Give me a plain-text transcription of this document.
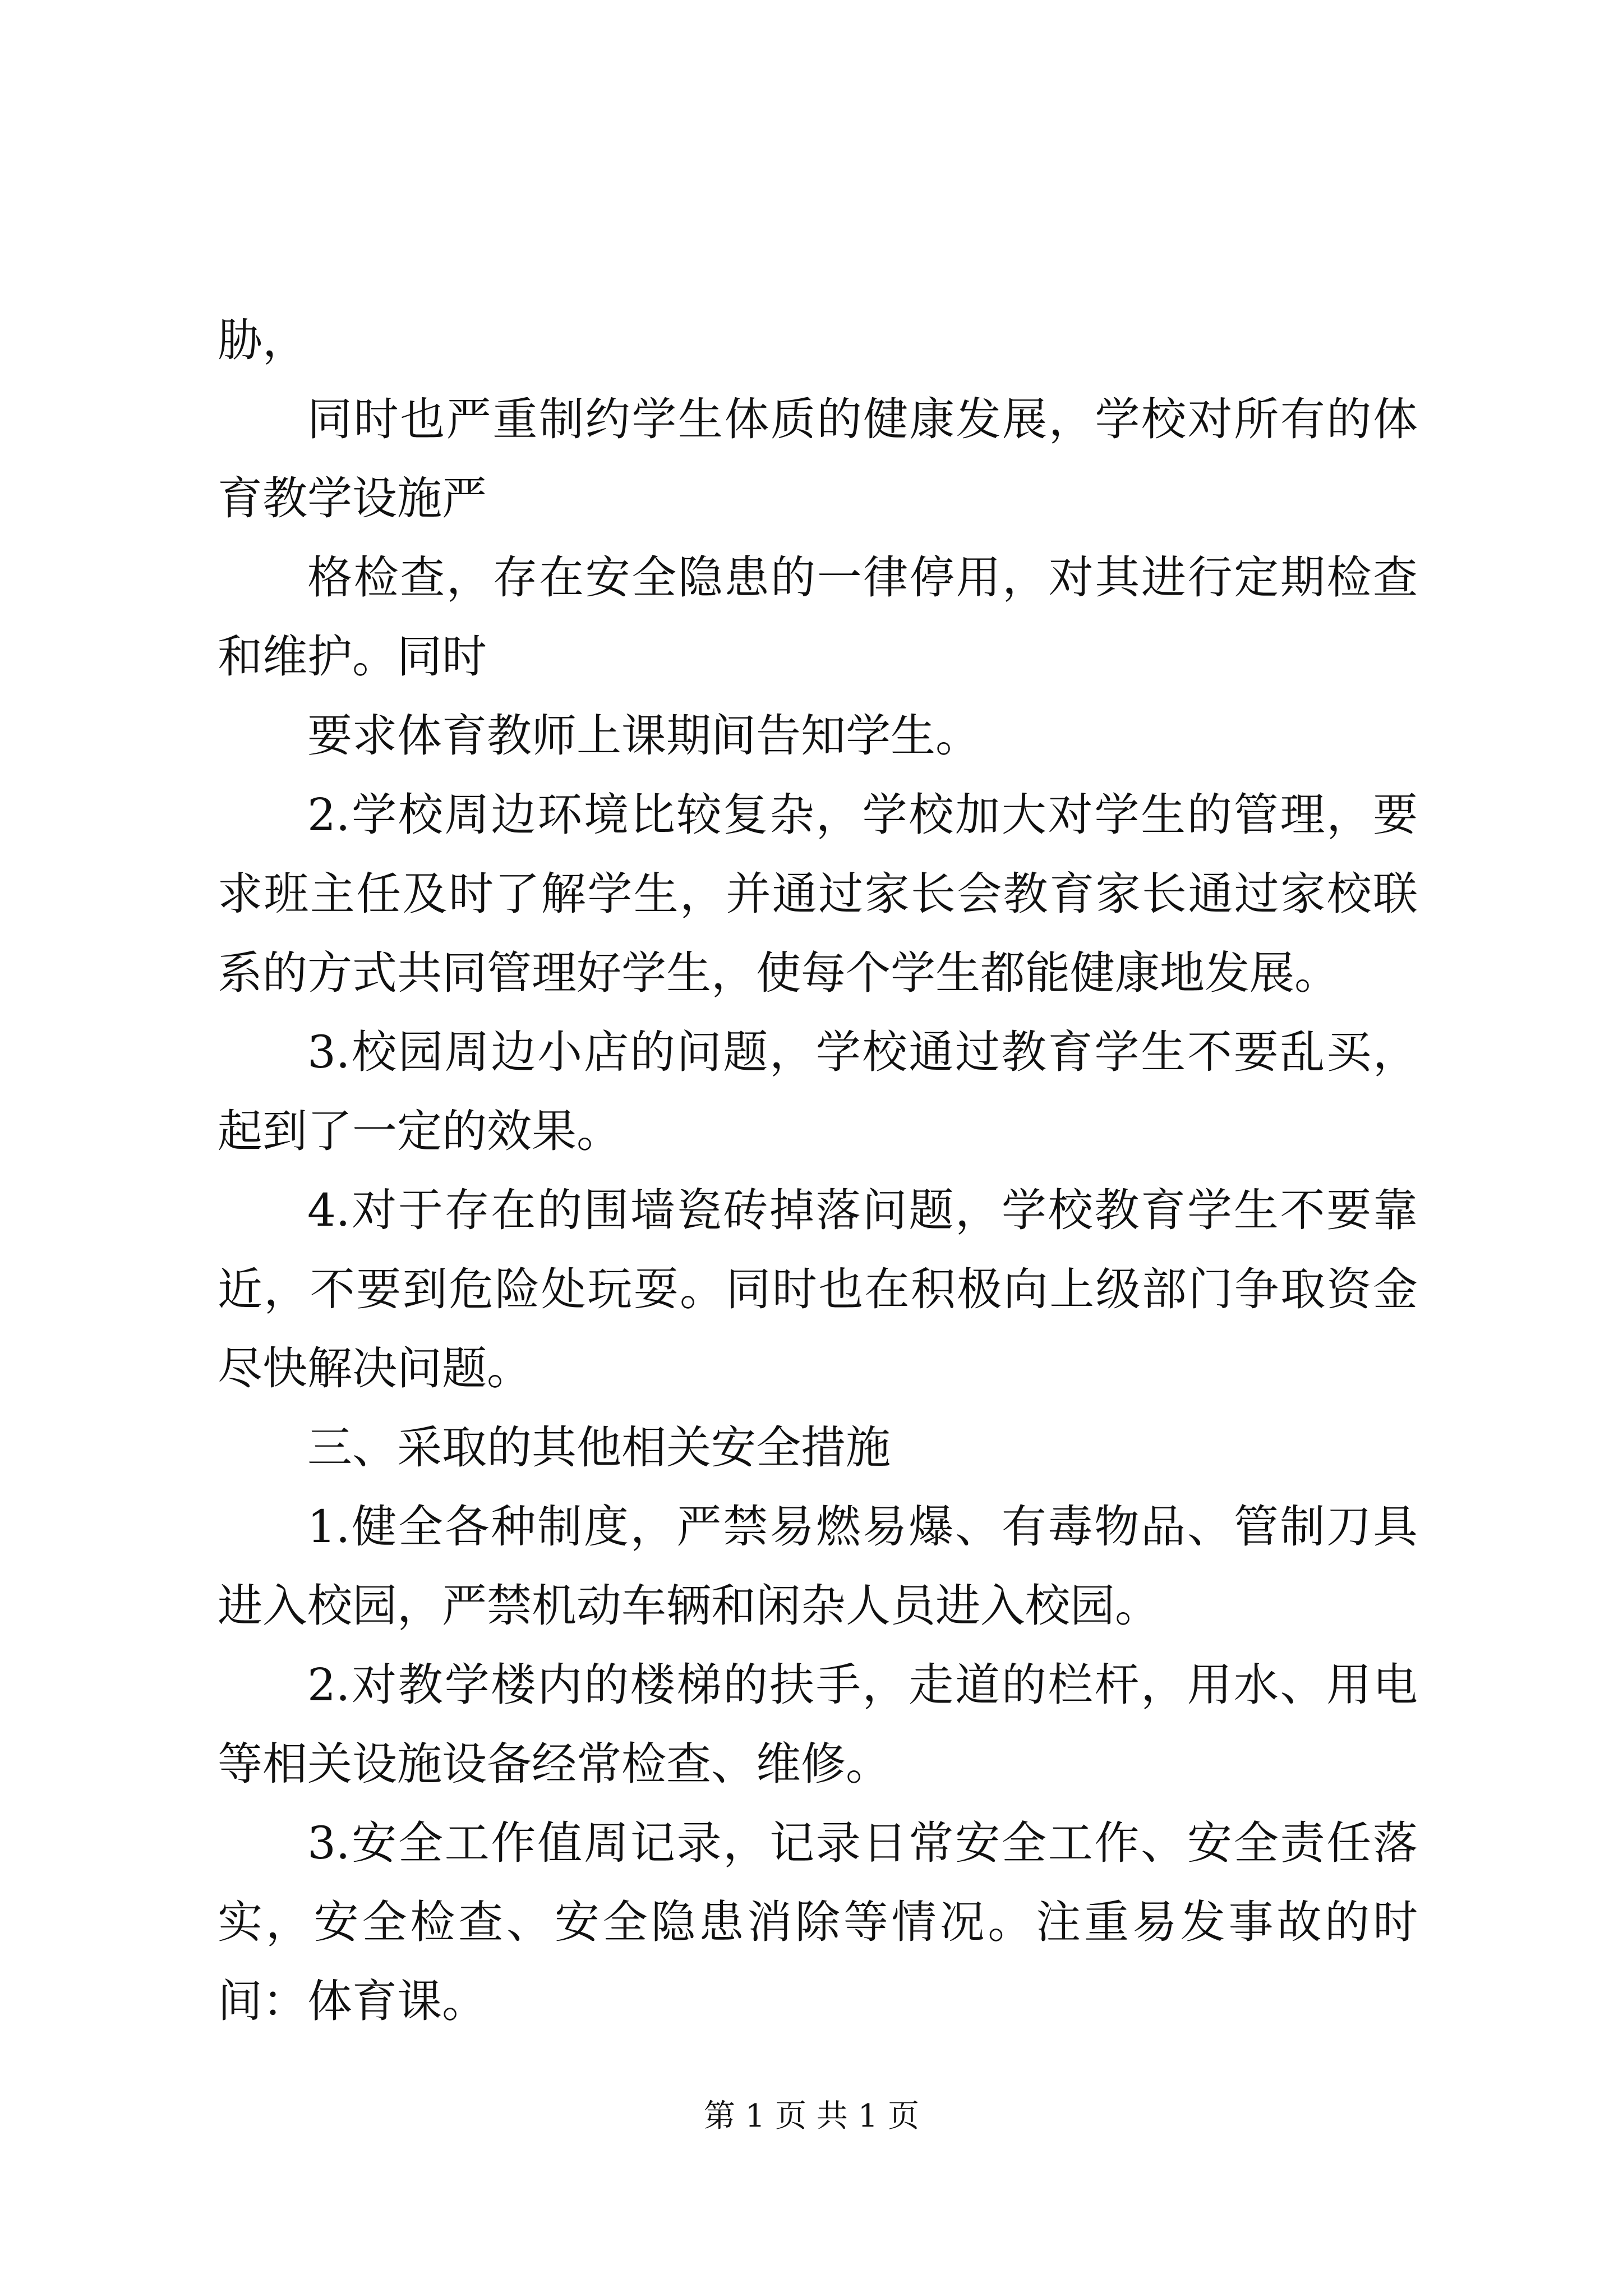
胁，

同时也严重制约学生体质的健康发展，学校对所有的体育教学设施严

格检查，存在安全隐患的一律停用，对其进行定期检查和维护。同时

要求体育教师上课期间告知学生。

2.学校周边环境比较复杂，学校加大对学生的管理，要求班主任及时了解学生，并通过家长会教育家长通过家校联系的方式共同管理好学生，使每个学生都能健康地发展。

3.校园周边小店的问题，学校通过教育学生不要乱买，起到了一定的效果。

4.对于存在的围墙瓷砖掉落问题，学校教育学生不要靠近，不要到危险处玩耍。同时也在积极向上级部门争取资金尽快解决问题。

三、采取的其他相关安全措施

1.健全各种制度，严禁易燃易爆、有毒物品、管制刀具进入校园，严禁机动车辆和闲杂人员进入校园。

2.对教学楼内的楼梯的扶手，走道的栏杆，用水、用电等相关设施设备经常检查、维修。

3.安全工作值周记录，记录日常安全工作、安全责任落实，安全检查、安全隐患消除等情况。注重易发事故的时间：体育课。

第 1 页 共 1 页
